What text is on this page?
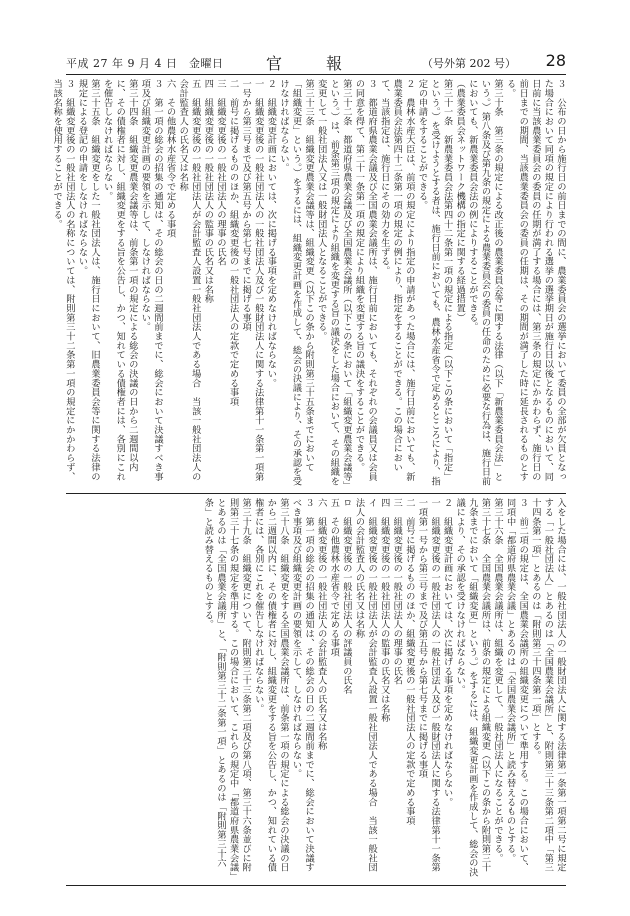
平成 27 年 9 月 4 日　金曜日	官　報	（号外第 202 号） 28

３　公布の日から施行日の前日までの間に、農業委員会の選挙において委員の全部が欠員となった場合において同項の規定により行われる選挙の選挙期日が施行日以後となるものにおいて、同日前に当該農業委員会の委員の任期が満了する場合には、第三条の規定にかかわらず、施行日の前日までの期間、当該農業委員会の委員の任期は、その期間が満了した時に延長されるものとする。

第三十条　第三条の規定による改正後の農業委員会等に関する法律（以下「新農業委員会法」という。）第八条及び第九条の規定による農業委員会の委員の任命のために必要な行為は、施行日前においても、新農業委員会法の例によりすることができる。

（農業委員会ネットワーク機構の指定に関する経過措置）

第三十一条　新農業委員会法第四十二条第一項の規定による指定（以下この条において「指定」という。）を受けようとする者は、施行日前においても、農林水産省令で定めるところにより、指定の申請をすることができる。

２　農林水産大臣は、前項の規定により指定の申請があった場合には、施行日前においても、新農業委員会法第四十二条第一項の規定の例により、指定をすることができる。この場合において、当該指定は、施行日にその効力を生ずる。

３　都道府県農業会議及び全国農業会議所は、施行日前においても、それぞれの会議員又は会員の同意を得て、第二十一条第一項の規定により組織を変更する旨の議決をすることができる。

第三十二条　都道府県農業会議及び全国農業会議所（以下この条において「組織変更農業会議等」という。）は、前条第三項の規定により組織を変更する旨の議決をした場合において、その組織を変更して一般社団法人又は一般財団法人となることができる。

第三十三条　組織変更農業会議等は、組織変更（以下この条から附則第三十五条までにおいて「組織変更」という。）をするには、組織変更計画を作成して、総会の決議により、その承認を受けなければならない。

２　組織変更計画においては、次に掲げる事項を定めなければならない。

一　組織変更後の一般社団法人の一般社団法人及び一般財団法人に関する法律第十一条第一項第一号から第三号まで及び第五号から第七号までに掲げる事項

二　前号に掲げるもののほか、組織変更後の一般社団法人の定款で定める事項

三　組織変更後の一般社団法人の理事の氏名

四　組織変更後の一般社団法人の監事の氏名又は名称

五　組織変更後の一般社団法人が会計監査人設置一般社団法人である場合　当該一般社団法人の会計監査人の氏名又は名称

六　その他農林水産省令で定める事項

３　第一項の総会の招集の通知は、その総会の日の二週間前までに、総会において決議すべき事項及び組織変更計画の要領を示して、しなければならない。

第三十四条　組織変更農業会議等は、前条第一項の規定による総会の決議の日から二週間以内に、その債権者に対し、組織変更をする旨を公告し、かつ、知れている債権者には、各別にこれを催告しなければならない。

第三十五条　組織変更をした一般社団法人は、施行日において、旧農業委員会等に関する法律の規定による登記の申請をしなければならない。

３　組織変更後の一般社団法人の名称については、附則第三十二条第一項の規定にかかわらず、当該名称を使用することができる。

入をした場合には、一般社団法人の一般財団法人に関する法律第一条第一項第二号に規定する「一般社団法人」とあるのは「全国農業会議所」と、附則第三十三条第二項中「第三十四条第一項」とあるのは「附則第三十四条第一項」とする。

３　前二項の規定は、全国農業会議所の組織変更について準用する。この場合において、同項中「都道府県農業会議」とあるのは「全国農業会議所」と読み替えるものとする。

第三十六条　全国農業会議所は、組織を変更して、一般社団法人になることができる。

第三十七条　全国農業会議所は、前条の規定による組織変更（以下この条から附則第三十九条までにおいて「組織変更」という。）をするには、組織変更計画を作成して、総会の決議により、その承認を受けなければならない。

２　組織変更計画においては、次に掲げる事項を定めなければならない。

一　組織変更後の一般社団法人の一般社団法人及び一般財団法人に関する法律第十一条第一項第一号から第三号まで及び第五号から第七号までに掲げる事項

二　前号に掲げるもののほか、組織変更後の一般社団法人の定款で定める事項

三　組織変更後の一般社団法人の理事の氏名

四　組織変更後の一般社団法人の監事の氏名又は名称

イ　組織変更後の一般社団法人が会計監査人設置一般社団法人である場合　当該一般社団法人の会計監査人の氏名又は名称

ロ　組織変更後の一般社団法人の評議員の氏名

五　その他農林水産省令で定める事項

六　組織変更後の一般社団法人の会計監査人の氏名又は名称

３　第一項の総会の招集の通知は、その総会の日の二週間前までに、総会において決議すべき事項及び組織変更計画の要領を示して、しなければならない。

第三十八条　組織変更をする全国農業会議所は、前条第一項の規定による総会の決議の日から二週間以内に、その債権者に対し、組織変更をする旨を公告し、かつ、知れている債権者には、各別にこれを催告しなければならない。

第三十九条　組織変更について、附則第三十三条第二項及び第八項、第三十六条並びに附則第三十七条の規定を準用する。この場合において、これらの規定中「都道府県農業会議」とあるのは「全国農業会議所」と、「附則第三十二条第一項」とあるのは「附則第三十六条」と読み替えるものとする。
